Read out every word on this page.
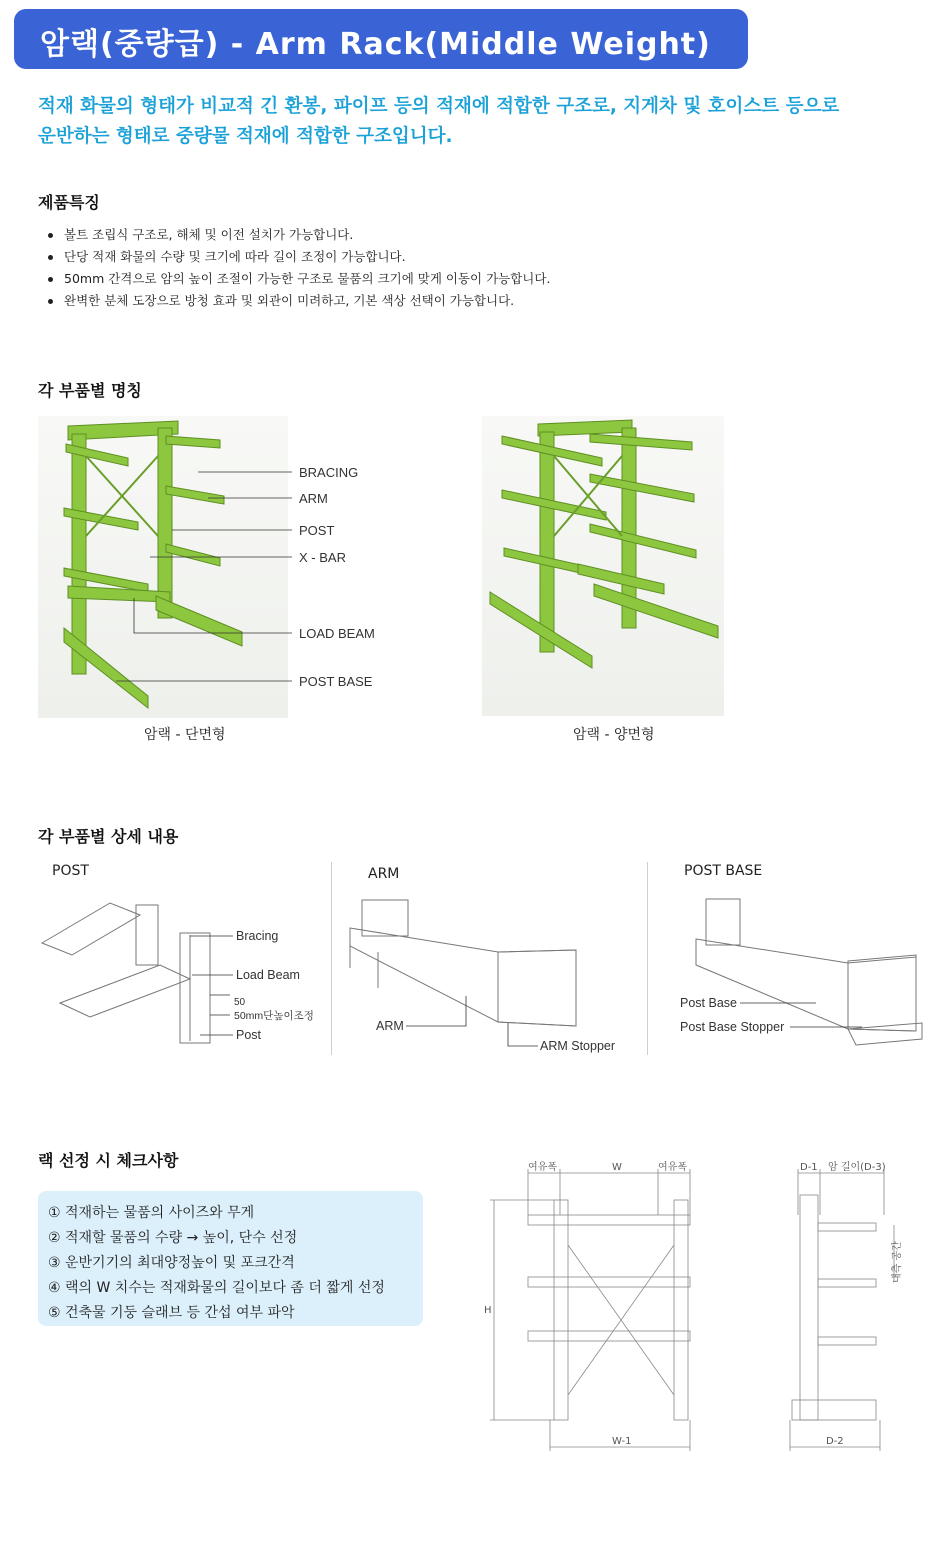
암랙(중량급) - Arm Rack(Middle Weight)
적재 화물의 형태가 비교적 긴 환봉, 파이프 등의 적재에 적합한 구조로, 지게차 및 호이스트 등으로
운반하는 형태로 중량물 적재에 적합한 구조입니다.
제품특징
볼트 조립식 구조로, 해체 및 이전 설치가 가능합니다.
단당 적재 화물의 수량 및 크기에 따라 길이 조정이 가능합니다.
50mm 간격으로 암의 높이 조절이 가능한 구조로 물품의 크기에 맞게 이동이 가능합니다.
완벽한 분체 도장으로 방청 효과 및 외관이 미려하고, 기본 색상 선택이 가능합니다.
각 부품별 명칭
BRACING
ARM
POST
X - BAR
LOAD BEAM
POST BASE
암랙 - 단면형	암랙 - 양면형
각 부품별 상세 내용
POST	ARM	POST BASE
Bracing
Load Beam
50
50mm단높이조정
Post
ARM
ARM Stopper
Post Base
Post Base Stopper
랙 선정 시 체크사항
① 적재하는 물품의 사이즈와 무게
② 적재할 물품의 수량 → 높이, 단수 선정
③ 운반기기의 최대양정높이 및 포크간격
④ 랙의 W 치수는 적재화물의 길이보다 좀 더 짧게 선정
⑤ 건축물 기둥 슬래브 등 간섭 여부 파악
여유폭	W	여유폭
H
W-1
D-1 암 길이(D-3)
내측 공간
D-2
